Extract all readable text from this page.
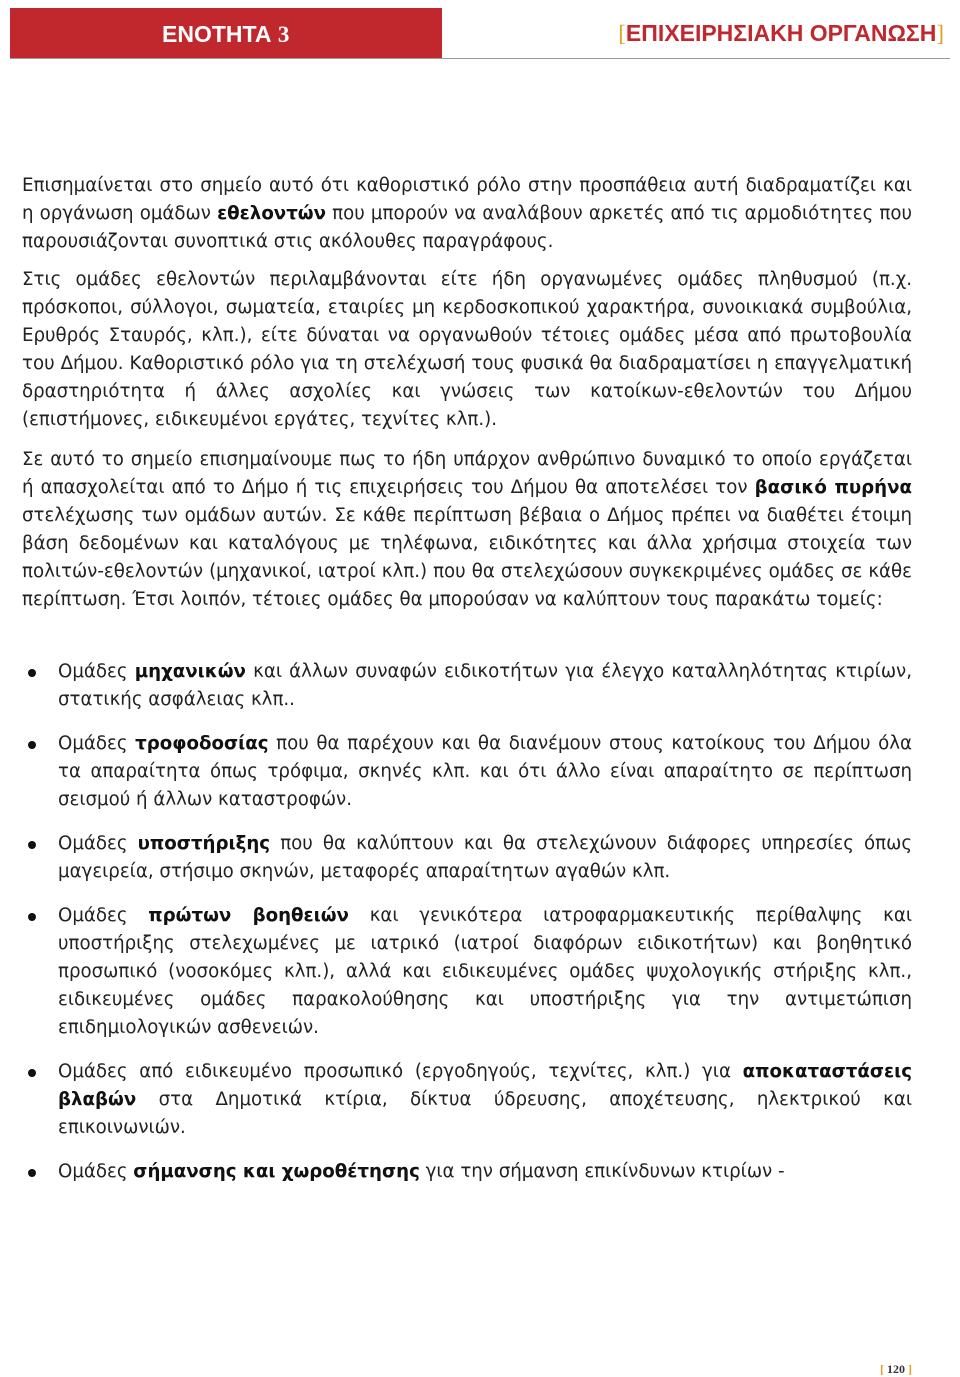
ΕΝΟΤΗΤΑ 3	[ΕΠΙΧΕΙΡΗΣΙΑΚΗ ΟΡΓΑΝΩΣΗ]

Επισημαίνεται στο σημείο αυτό ότι καθοριστικό ρόλο στην προσπάθεια αυτή διαδραματίζει και η οργάνωση ομάδων εθελοντών που μπορούν να αναλάβουν αρκετές από τις αρμοδιότητες που παρουσιάζονται συνοπτικά στις ακόλουθες παραγράφους.

Στις ομάδες εθελοντών περιλαμβάνονται είτε ήδη οργανωμένες ομάδες πληθυσμού (π.χ. πρόσκοποι, σύλλογοι, σωματεία, εταιρίες μη κερδοσκοπικού χαρακτήρα, συνοικιακά συμβούλια, Ερυθρός Σταυρός, κλπ.), είτε δύναται να οργανωθούν τέτοιες ομάδες μέσα από πρωτοβουλία του Δήμου. Καθοριστικό ρόλο για τη στελέχωσή τους φυσικά θα διαδραματίσει η επαγγελματική δραστηριότητα ή άλλες ασχολίες και γνώσεις των κατοίκων-εθελοντών του Δήμου (επιστήμονες, ειδικευμένοι εργάτες, τεχνίτες κλπ.).

Σε αυτό το σημείο επισημαίνουμε πως το ήδη υπάρχον ανθρώπινο δυναμικό το οποίο εργάζεται ή απασχολείται από το Δήμο ή τις επιχειρήσεις του Δήμου θα αποτελέσει τον βασικό πυρήνα στελέχωσης των ομάδων αυτών. Σε κάθε περίπτωση βέβαια ο Δήμος πρέπει να διαθέτει έτοιμη βάση δεδομένων και καταλόγους με τηλέφωνα, ειδικότητες και άλλα χρήσιμα στοιχεία των πολιτών-εθελοντών (μηχανικοί, ιατροί κλπ.) που θα στελεχώσουν συγκεκριμένες ομάδες σε κάθε περίπτωση. Έτσι λοιπόν, τέτοιες ομάδες θα μπορούσαν να καλύπτουν τους παρακάτω τομείς:

Ομάδες μηχανικών και άλλων συναφών ειδικοτήτων για έλεγχο καταλληλότητας κτιρίων, στατικής ασφάλειας κλπ..
Ομάδες τροφοδοσίας που θα παρέχουν και θα διανέμουν στους κατοίκους του Δήμου όλα τα απαραίτητα όπως τρόφιμα, σκηνές κλπ. και ότι άλλο είναι απαραίτητο σε περίπτωση σεισμού ή άλλων καταστροφών.
Ομάδες υποστήριξης που θα καλύπτουν και θα στελεχώνουν διάφορες υπηρεσίες όπως μαγειρεία, στήσιμο σκηνών, μεταφορές απαραίτητων αγαθών κλπ.
Ομάδες πρώτων βοηθειών και γενικότερα ιατροφαρμακευτικής περίθαλψης και υποστήριξης στελεχωμένες με ιατρικό (ιατροί διαφόρων ειδικοτήτων) και βοηθητικό προσωπικό (νοσοκόμες κλπ.), αλλά και ειδικευμένες ομάδες ψυχολογικής στήριξης κλπ., ειδικευμένες ομάδες παρακολούθησης και υποστήριξης για την αντιμετώπιση επιδημιολογικών ασθενειών.
Ομάδες από ειδικευμένο προσωπικό (εργοδηγούς, τεχνίτες, κλπ.) για αποκαταστάσεις βλαβών στα Δημοτικά κτίρια, δίκτυα ύδρευσης, αποχέτευσης, ηλεκτρικού και επικοινωνιών.
Ομάδες σήμανσης και χωροθέτησης για την σήμανση επικίνδυνων κτιρίων -
[ 120 ]
